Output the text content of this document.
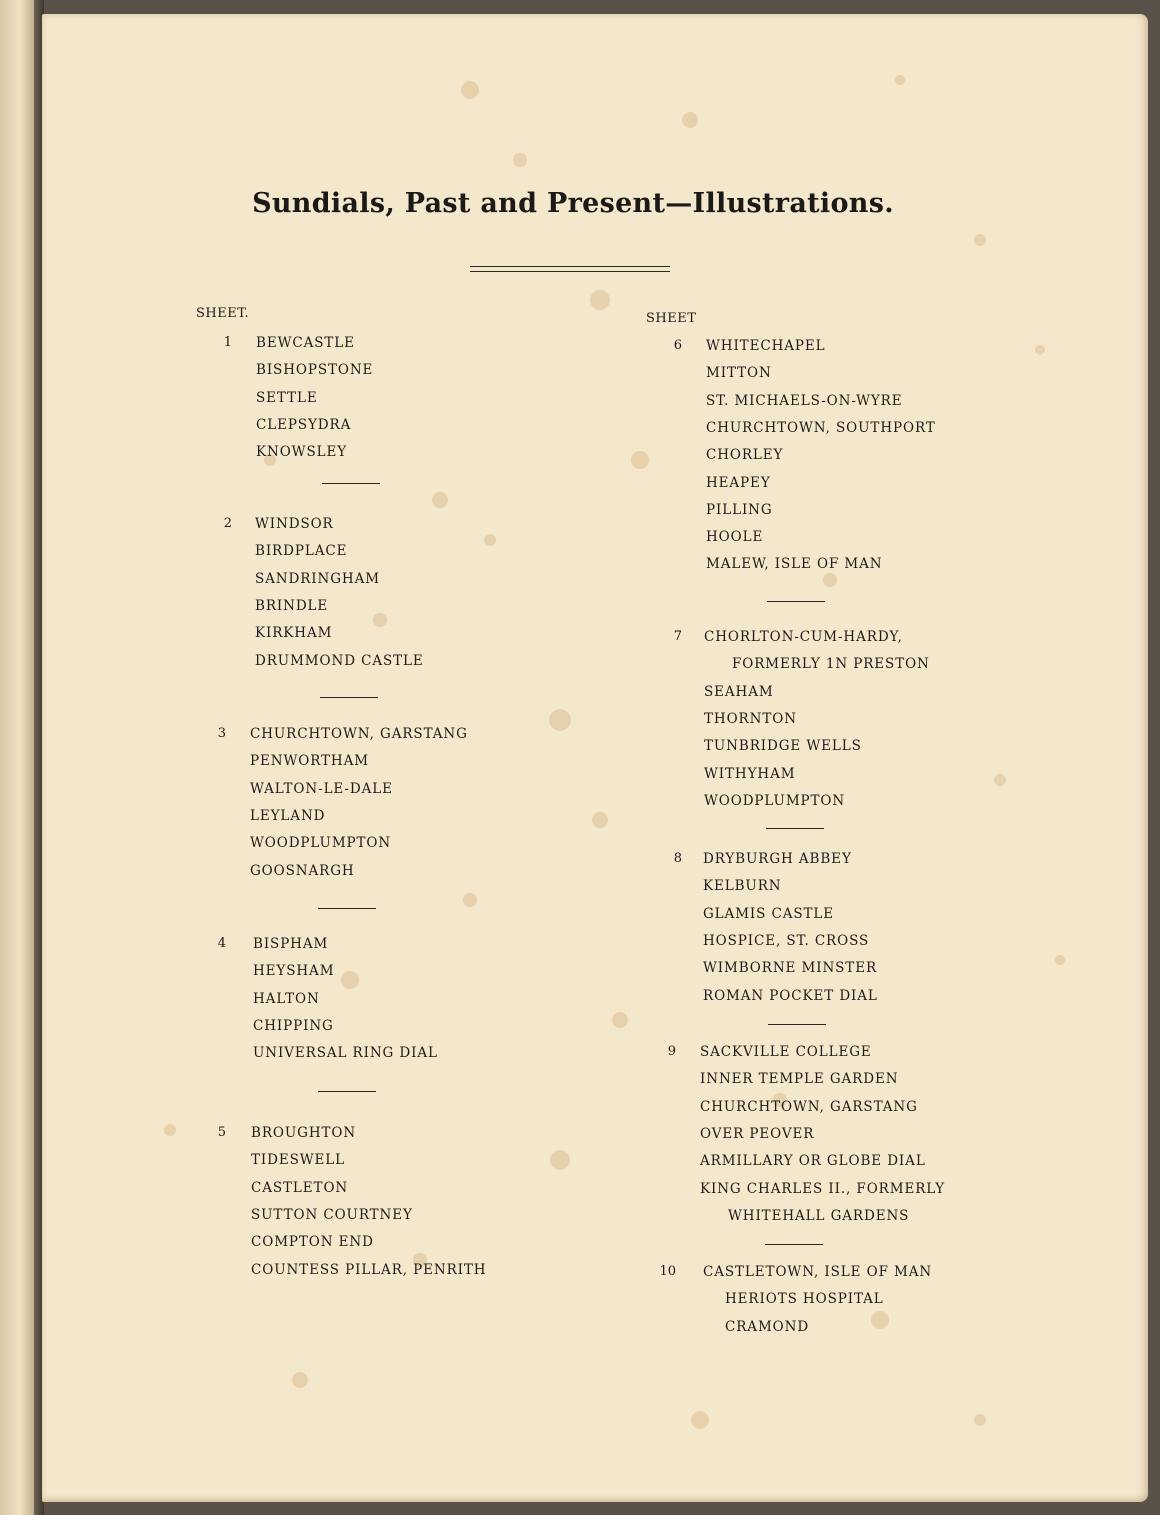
Sundials, Past and Present—Illustrations.
SHEET.	SHEET
1 BEWCASTLE
BISHOPSTONE
SETTLE
CLEPSYDRA
KNOWSLEY
2 WINDSOR
BIRDPLACE
SANDRINGHAM
BRINDLE
KIRKHAM
DRUMMOND CASTLE
3 CHURCHTOWN, GARSTANG
PENWORTHAM
WALTON-LE-DALE
LEYLAND
WOODPLUMPTON
GOOSNARGH
4 BISPHAM
HEYSHAM
HALTON
CHIPPING
UNIVERSAL RING DIAL
5 BROUGHTON
TIDESWELL
CASTLETON
SUTTON COURTNEY
COMPTON END
COUNTESS PILLAR, PENRITH
6 WHITECHAPEL
MITTON
ST. MICHAELS-ON-WYRE
CHURCHTOWN, SOUTHPORT
CHORLEY
HEAPEY
PILLING
HOOLE
MALEW, ISLE OF MAN
7 CHORLTON-CUM-HARDY,
FORMERLY 1N PRESTON
SEAHAM
THORNTON
TUNBRIDGE WELLS
WITHYHAM
WOODPLUMPTON
8 DRYBURGH ABBEY
KELBURN
GLAMIS CASTLE
HOSPICE, ST. CROSS
WIMBORNE MINSTER
ROMAN POCKET DIAL
9 SACKVILLE COLLEGE
INNER TEMPLE GARDEN
CHURCHTOWN, GARSTANG
OVER PEOVER
ARMILLARY OR GLOBE DIAL
KING CHARLES II., FORMERLY
WHITEHALL GARDENS
10 CASTLETOWN, ISLE OF MAN
HERIOTS HOSPITAL
CRAMOND
